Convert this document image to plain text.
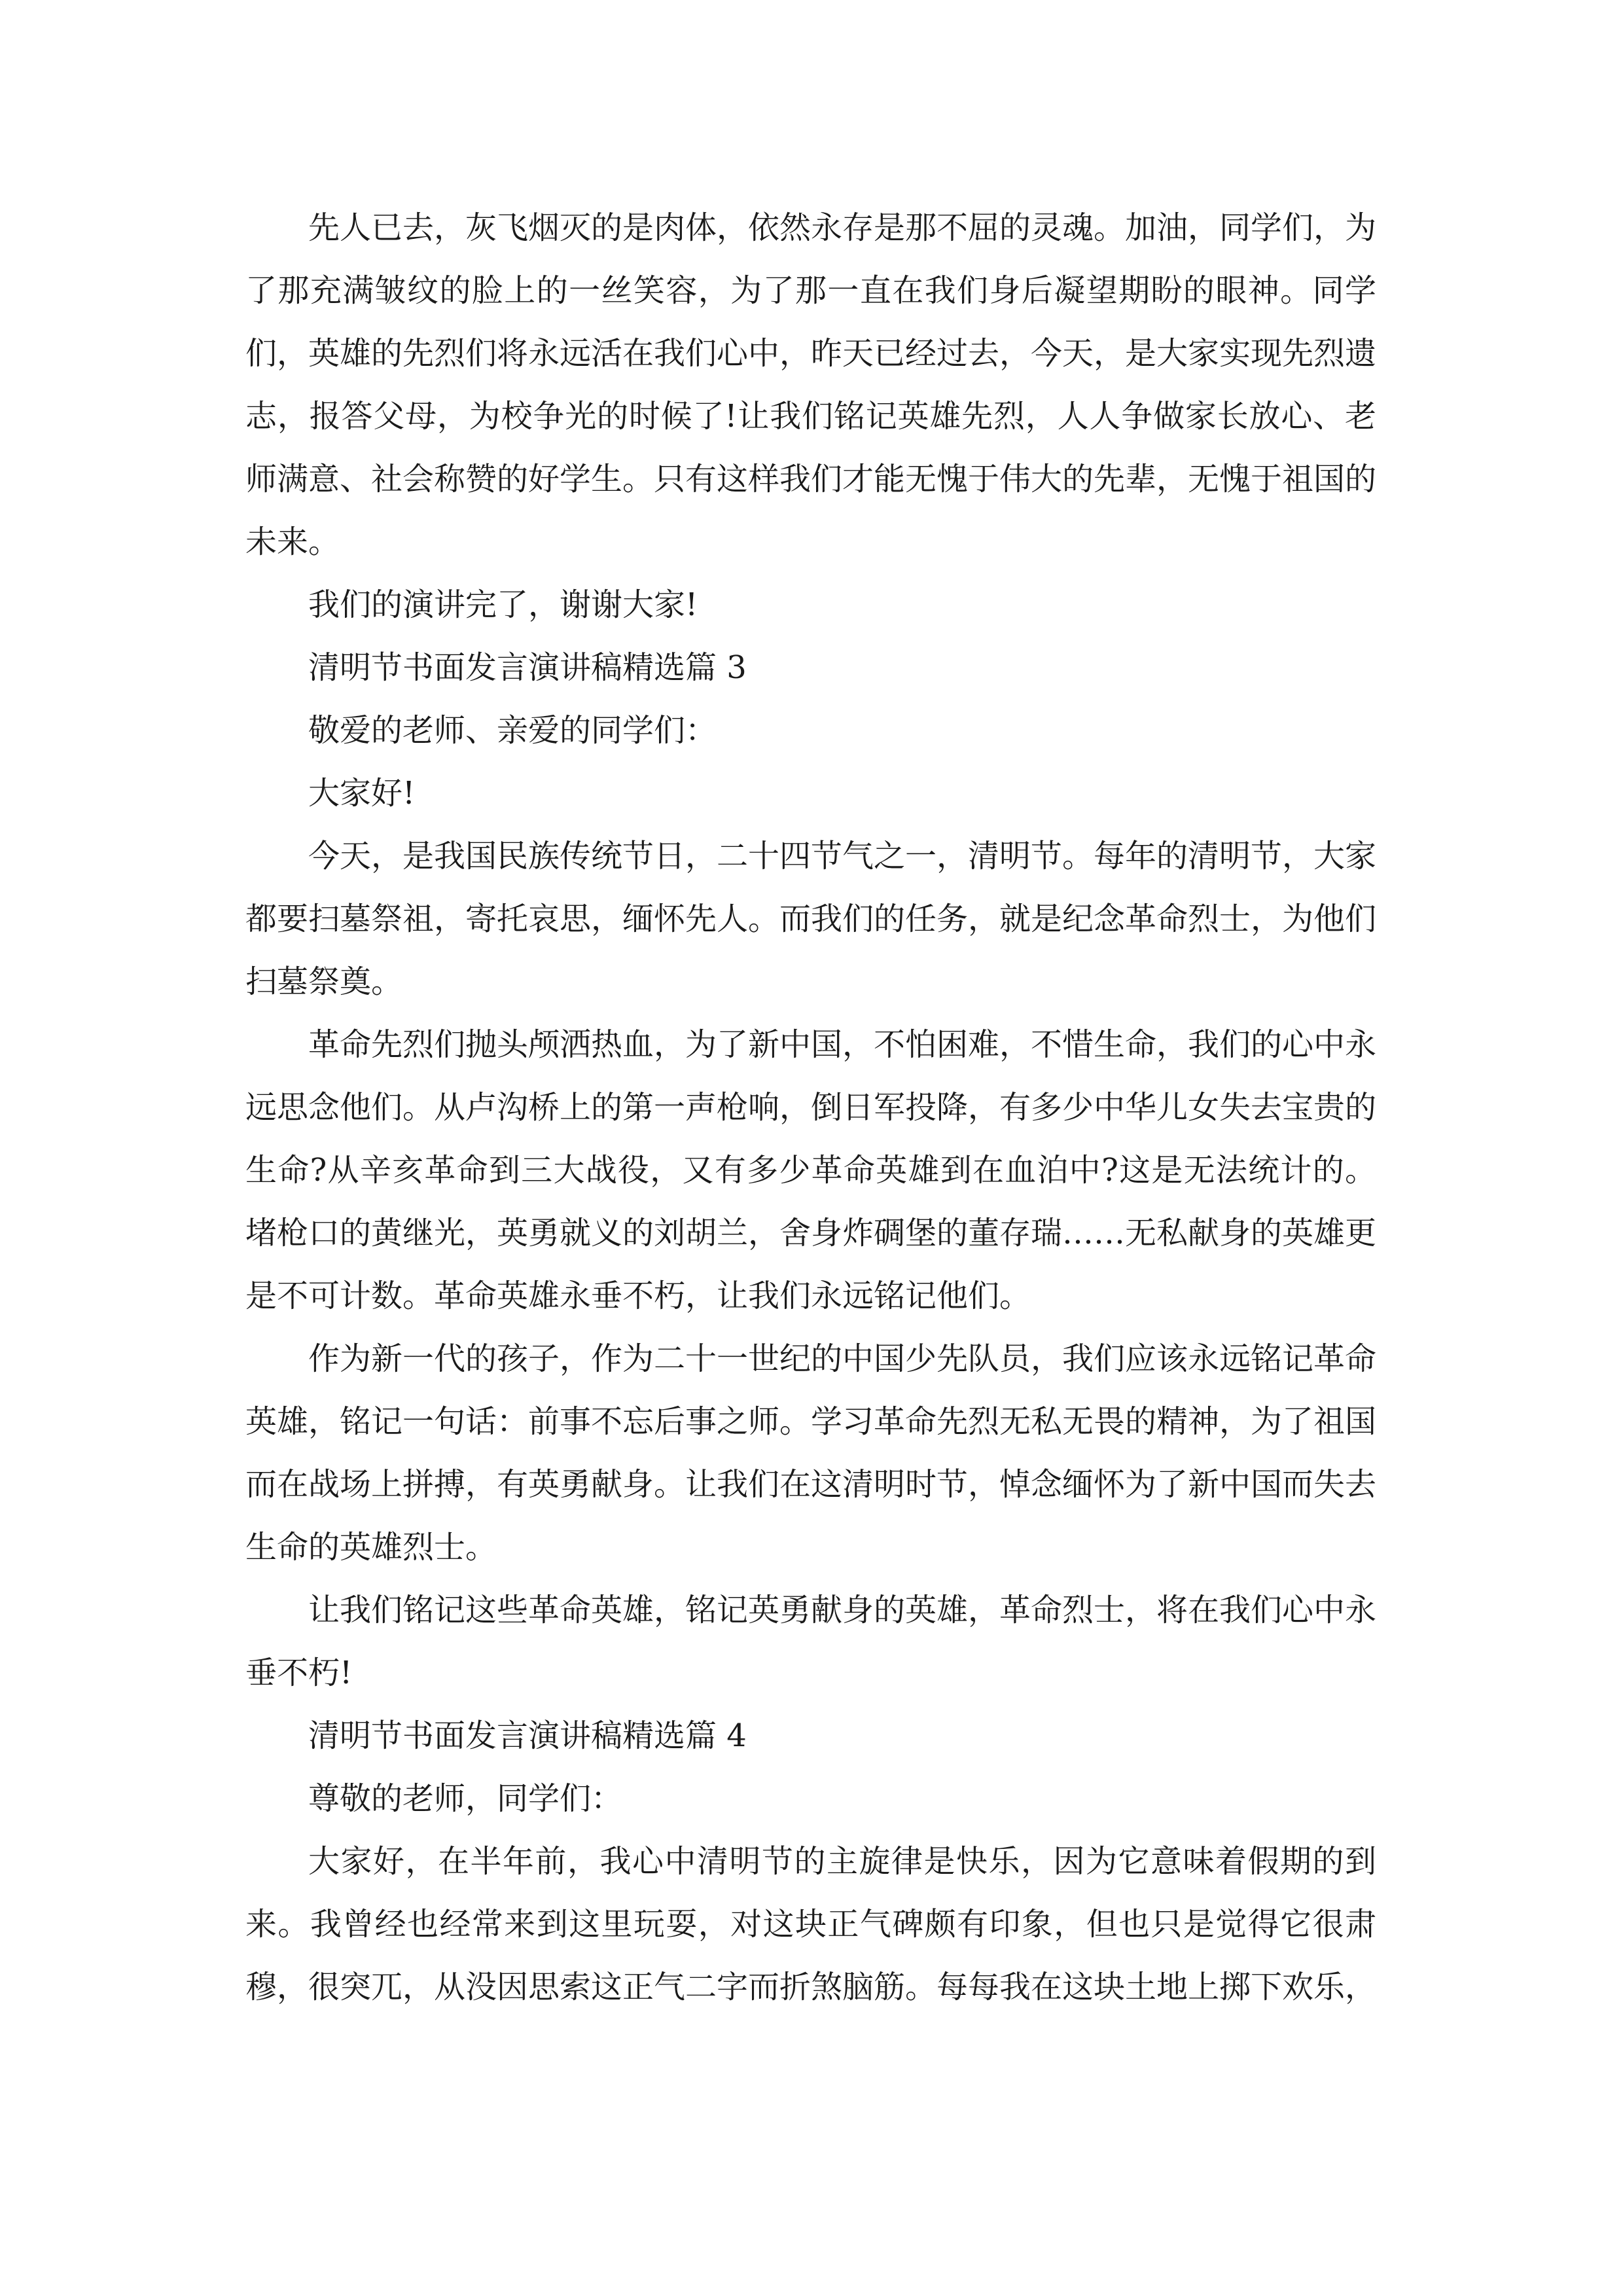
先人已去，灰飞烟灭的是肉体，依然永存是那不屈的灵魂。加油，同学们，为了那充满皱纹的脸上的一丝笑容，为了那一直在我们身后凝望期盼的眼神。同学们，英雄的先烈们将永远活在我们心中，昨天已经过去，今天，是大家实现先烈遗志，报答父母，为校争光的时候了!让我们铭记英雄先烈，人人争做家长放心、老师满意、社会称赞的好学生。只有这样我们才能无愧于伟大的先辈，无愧于祖国的未来。

我们的演讲完了，谢谢大家!

清明节书面发言演讲稿精选篇 3

敬爱的老师、亲爱的同学们：

大家好!

今天，是我国民族传统节日，二十四节气之一，清明节。每年的清明节，大家都要扫墓祭祖，寄托哀思，缅怀先人。而我们的任务，就是纪念革命烈士，为他们扫墓祭奠。

革命先烈们抛头颅洒热血，为了新中国，不怕困难，不惜生命，我们的心中永远思念他们。从卢沟桥上的第一声枪响，倒日军投降，有多少中华儿女失去宝贵的生命?从辛亥革命到三大战役，又有多少革命英雄到在血泊中?这是无法统计的。堵枪口的黄继光，英勇就义的刘胡兰，舍身炸碉堡的董存瑞……无私献身的英雄更是不可计数。革命英雄永垂不朽，让我们永远铭记他们。

作为新一代的孩子，作为二十一世纪的中国少先队员，我们应该永远铭记革命英雄，铭记一句话：前事不忘后事之师。学习革命先烈无私无畏的精神，为了祖国而在战场上拼搏，有英勇献身。让我们在这清明时节，悼念缅怀为了新中国而失去生命的英雄烈士。

让我们铭记这些革命英雄，铭记英勇献身的英雄，革命烈士，将在我们心中永垂不朽!

清明节书面发言演讲稿精选篇 4

尊敬的老师，同学们：

大家好，在半年前，我心中清明节的主旋律是快乐，因为它意味着假期的到来。我曾经也经常来到这里玩耍，对这块正气碑颇有印象，但也只是觉得它很肃穆，很突兀，从没因思索这正气二字而折煞脑筋。每每我在这块土地上掷下欢乐，
